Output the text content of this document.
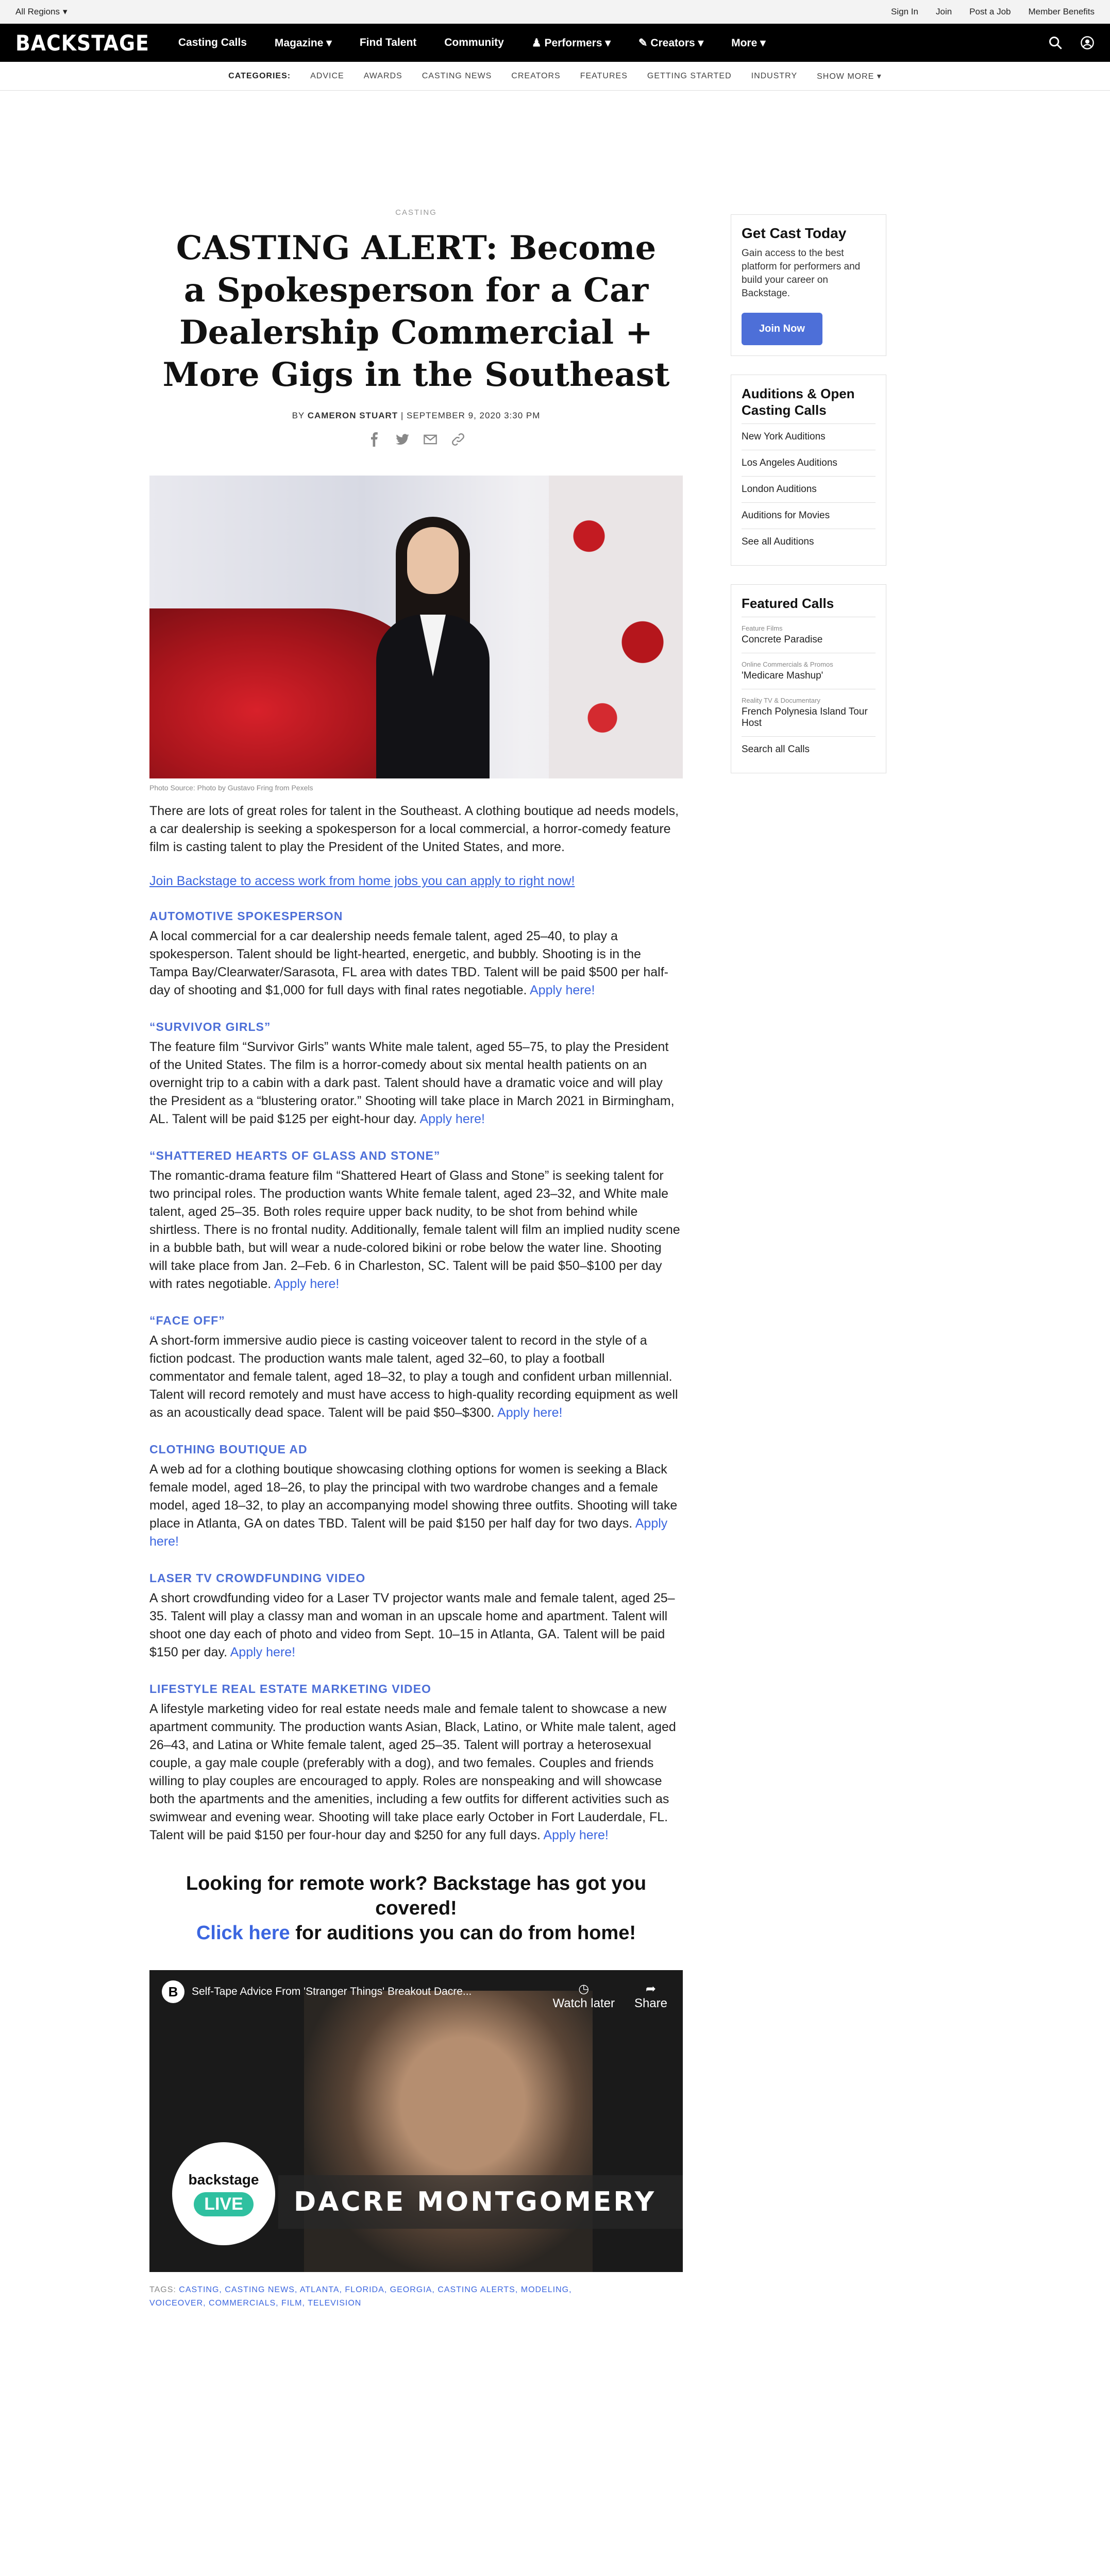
All Regions ▾	Sign In Join Post a Job Member Benefits
BACKSTAGE	Casting Calls	Magazine ▾	Find Talent	Community	♟ Performers ▾	✎ Creators ▾	More ▾
CATEGORIES: ADVICE AWARDS CASTING NEWS CREATORS FEATURES GETTING STARTED INDUSTRY SHOW MORE ▾
CASTING
CASTING ALERT: Become a Spokesperson for a Car Dealership Commercial + More Gigs in the Southeast
BY CAMERON STUART | SEPTEMBER 9, 2020 3:30 PM
Photo Source: Photo by Gustavo Fring from Pexels

There are lots of great roles for talent in the Southeast. A clothing boutique ad needs models, a car dealership is seeking a spokesperson for a local commercial, a horror-comedy feature film is casting talent to play the President of the United States, and more.

Join Backstage to access work from home jobs you can apply to right now!
AUTOMOTIVE SPOKESPERSON

A local commercial for a car dealership needs female talent, aged 25–40, to play a spokesperson. Talent should be light-hearted, energetic, and bubbly. Shooting is in the Tampa Bay/Clearwater/Sarasota, FL area with dates TBD. Talent will be paid $500 per half-day of shooting and $1,000 for full days with final rates negotiable. Apply here!

“SURVIVOR GIRLS”

The feature film “Survivor Girls” wants White male talent, aged 55–75, to play the President of the United States. The film is a horror-comedy about six mental health patients on an overnight trip to a cabin with a dark past. Talent should have a dramatic voice and will play the President as a “blustering orator.” Shooting will take place in March 2021 in Birmingham, AL. Talent will be paid $125 per eight-hour day. Apply here!

“SHATTERED HEARTS OF GLASS AND STONE”

The romantic-drama feature film “Shattered Heart of Glass and Stone” is seeking talent for two principal roles. The production wants White female talent, aged 23–32, and White male talent, aged 25–35. Both roles require upper back nudity, to be shot from behind while shirtless. There is no frontal nudity. Additionally, female talent will film an implied nudity scene in a bubble bath, but will wear a nude-colored bikini or robe below the water line. Shooting will take place from Jan. 2–Feb. 6 in Charleston, SC. Talent will be paid $50–$100 per day with rates negotiable. Apply here!

“FACE OFF”

A short-form immersive audio piece is casting voiceover talent to record in the style of a fiction podcast. The production wants male talent, aged 32–60, to play a football commentator and female talent, aged 18–32, to play a tough and confident urban millennial. Talent will record remotely and must have access to high-quality recording equipment as well as an acoustically dead space. Talent will be paid $50–$300. Apply here!

CLOTHING BOUTIQUE AD

A web ad for a clothing boutique showcasing clothing options for women is seeking a Black female model, aged 18–26, to play the principal with two wardrobe changes and a female model, aged 18–32, to play an accompanying model showing three outfits. Shooting will take place in Atlanta, GA on dates TBD. Talent will be paid $150 per half day for two days. Apply here!

LASER TV CROWDFUNDING VIDEO

A short crowdfunding video for a Laser TV projector wants male and female talent, aged 25–35. Talent will play a classy man and woman in an upscale home and apartment. Talent will shoot one day each of photo and video from Sept. 10–15 in Atlanta, GA. Talent will be paid $150 per day. Apply here!

LIFESTYLE REAL ESTATE MARKETING VIDEO

A lifestyle marketing video for real estate needs male and female talent to showcase a new apartment community. The production wants Asian, Black, Latino, or White male talent, aged 26–43, and Latina or White female talent, aged 25–35. Talent will portray a heterosexual couple, a gay male couple (preferably with a dog), and two females. Couples and friends willing to play couples are encouraged to apply. Roles are nonspeaking and will showcase both the apartments and the amenities, including a few outfits for different activities such as swimwear and evening wear. Shooting will take place early October in Fort Lauderdale, FL. Talent will be paid $150 per four-hour day and $250 for any full days. Apply here!

Looking for remote work? Backstage has got you covered!
Click here for auditions you can do from home!
B	Self-Tape Advice From 'Stranger Things' Breakout Dacre...	◷
Watch later
➦
Share
backstage
LIVE	DACRE MONTGOMERY
TAGS: CASTING, CASTING NEWS, ATLANTA, FLORIDA, GEORGIA, CASTING ALERTS, MODELING,
VOICEOVER, COMMERCIALS, FILM, TELEVISION
Get Cast Today
Gain access to the best platform for performers and build your career on Backstage.
Join Now
Auditions & Open Casting Calls
New York Auditions
Los Angeles Auditions
London Auditions
Auditions for Movies
See all Auditions
Featured Calls
Feature Films
Concrete Paradise
Online Commercials & Promos
'Medicare Mashup'
Reality TV & Documentary
French Polynesia Island Tour Host
Search all Calls
